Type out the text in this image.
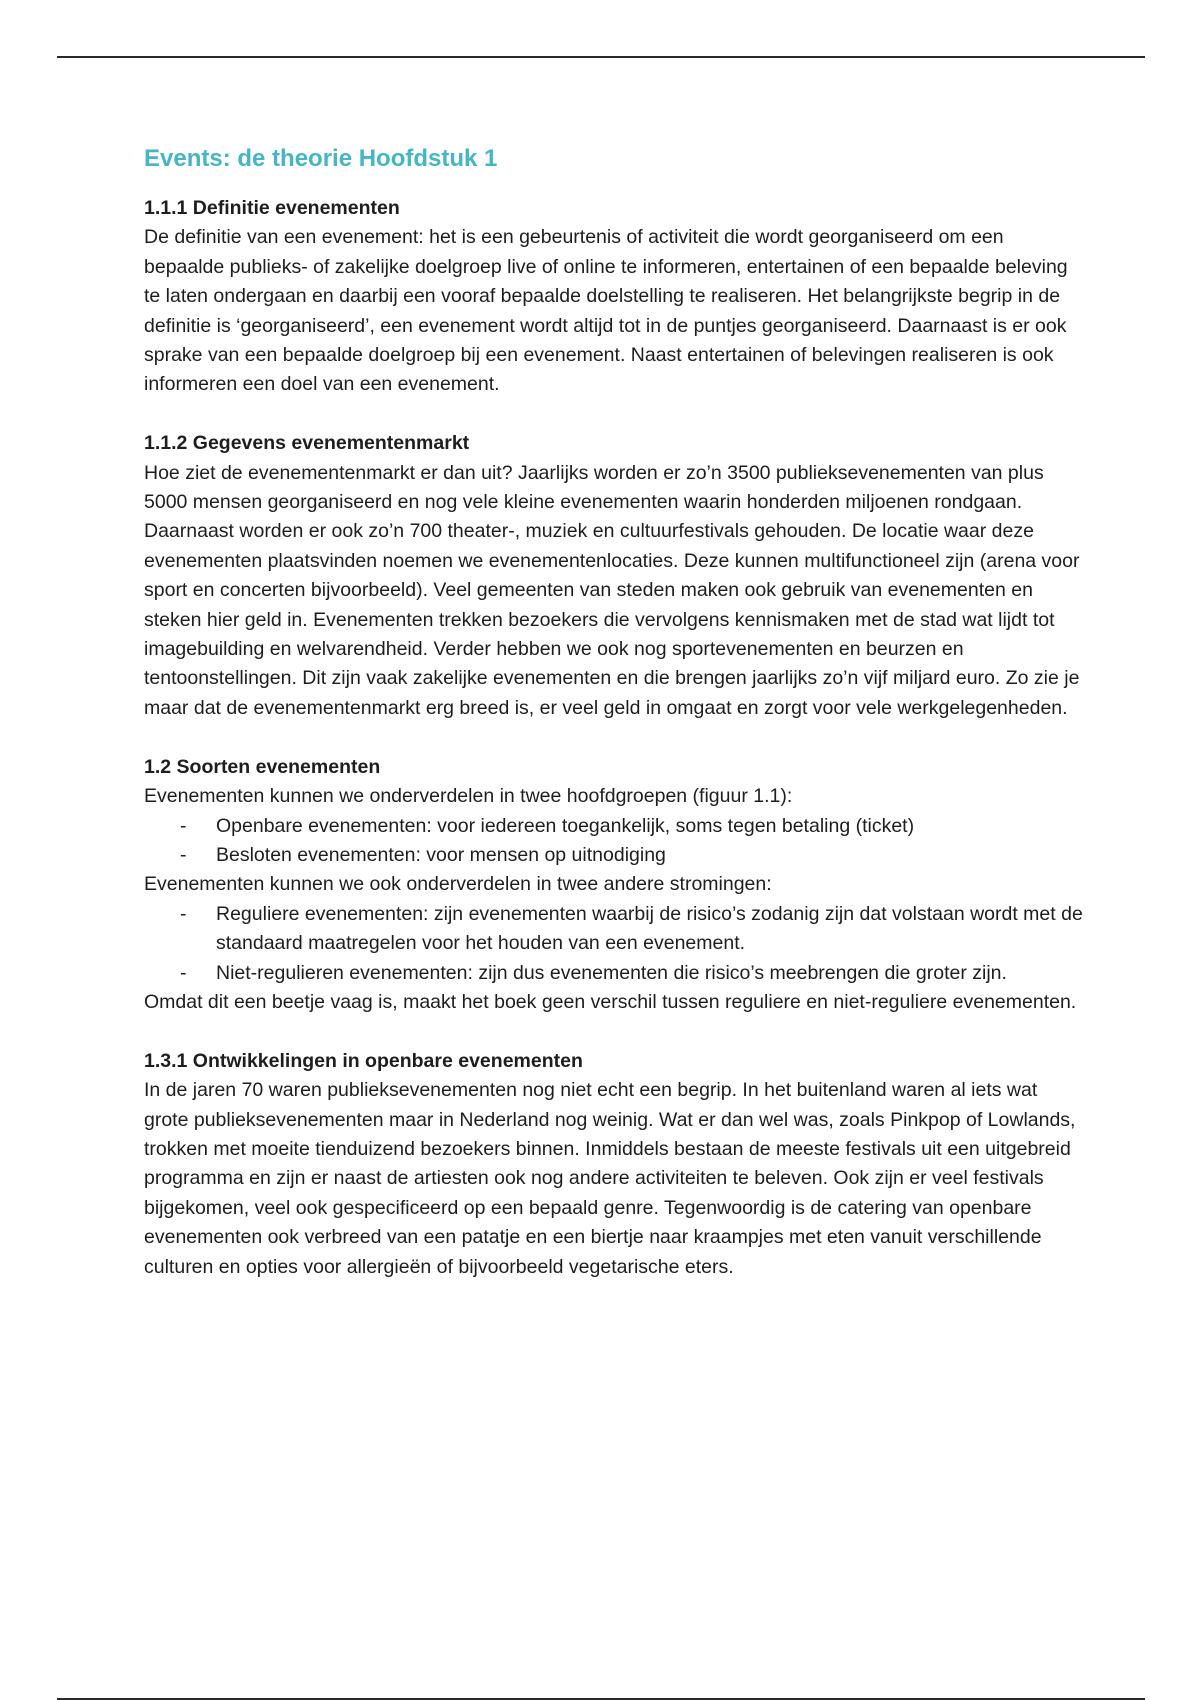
Events: de theorie Hoofdstuk 1
1.1.1 Definitie evenementen

De definitie van een evenement: het is een gebeurtenis of activiteit die wordt georganiseerd om een bepaalde publieks- of zakelijke doelgroep live of online te informeren, entertainen of een bepaalde beleving te laten ondergaan en daarbij een vooraf bepaalde doelstelling te realiseren. Het belangrijkste begrip in de definitie is ‘georganiseerd’, een evenement wordt altijd tot in de puntjes georganiseerd. Daarnaast is er ook sprake van een bepaalde doelgroep bij een evenement. Naast entertainen of belevingen realiseren is ook informeren een doel van een evenement.

1.1.2 Gegevens evenementenmarkt

Hoe ziet de evenementenmarkt er dan uit? Jaarlijks worden er zo’n 3500 publieksevenementen van plus 5000 mensen georganiseerd en nog vele kleine evenementen waarin honderden miljoenen rondgaan. Daarnaast worden er ook zo’n 700 theater-, muziek en cultuurfestivals gehouden. De locatie waar deze evenementen plaatsvinden noemen we evenementenlocaties. Deze kunnen multifunctioneel zijn (arena voor sport en concerten bijvoorbeeld). Veel gemeenten van steden maken ook gebruik van evenementen en steken hier geld in. Evenementen trekken bezoekers die vervolgens kennismaken met de stad wat lijdt tot imagebuilding en welvarendheid. Verder hebben we ook nog sportevenementen en beurzen en tentoonstellingen. Dit zijn vaak zakelijke evenementen en die brengen jaarlijks zo’n vijf miljard euro. Zo zie je maar dat de evenementenmarkt erg breed is, er veel geld in omgaat en zorgt voor vele werkgelegenheden.

1.2 Soorten evenementen

Evenementen kunnen we onderverdelen in twee hoofdgroepen (figuur 1.1):

- Openbare evenementen: voor iedereen toegankelijk, soms tegen betaling (ticket)
- Besloten evenementen: voor mensen op uitnodiging

Evenementen kunnen we ook onderverdelen in twee andere stromingen:

- Reguliere evenementen: zijn evenementen waarbij de risico’s zodanig zijn dat volstaan wordt met de standaard maatregelen voor het houden van een evenement.
- Niet-regulieren evenementen: zijn dus evenementen die risico’s meebrengen die groter zijn.

Omdat dit een beetje vaag is, maakt het boek geen verschil tussen reguliere en niet-reguliere evenementen.

1.3.1 Ontwikkelingen in openbare evenementen

In de jaren 70 waren publieksevenementen nog niet echt een begrip. In het buitenland waren al iets wat grote publieksevenementen maar in Nederland nog weinig. Wat er dan wel was, zoals Pinkpop of Lowlands, trokken met moeite tienduizend bezoekers binnen. Inmiddels bestaan de meeste festivals uit een uitgebreid programma en zijn er naast de artiesten ook nog andere activiteiten te beleven. Ook zijn er veel festivals bijgekomen, veel ook gespecificeerd op een bepaald genre. Tegenwoordig is de catering van openbare evenementen ook verbreed van een patatje en een biertje naar kraampjes met eten vanuit verschillende culturen en opties voor allergieën of bijvoorbeeld vegetarische eters.
